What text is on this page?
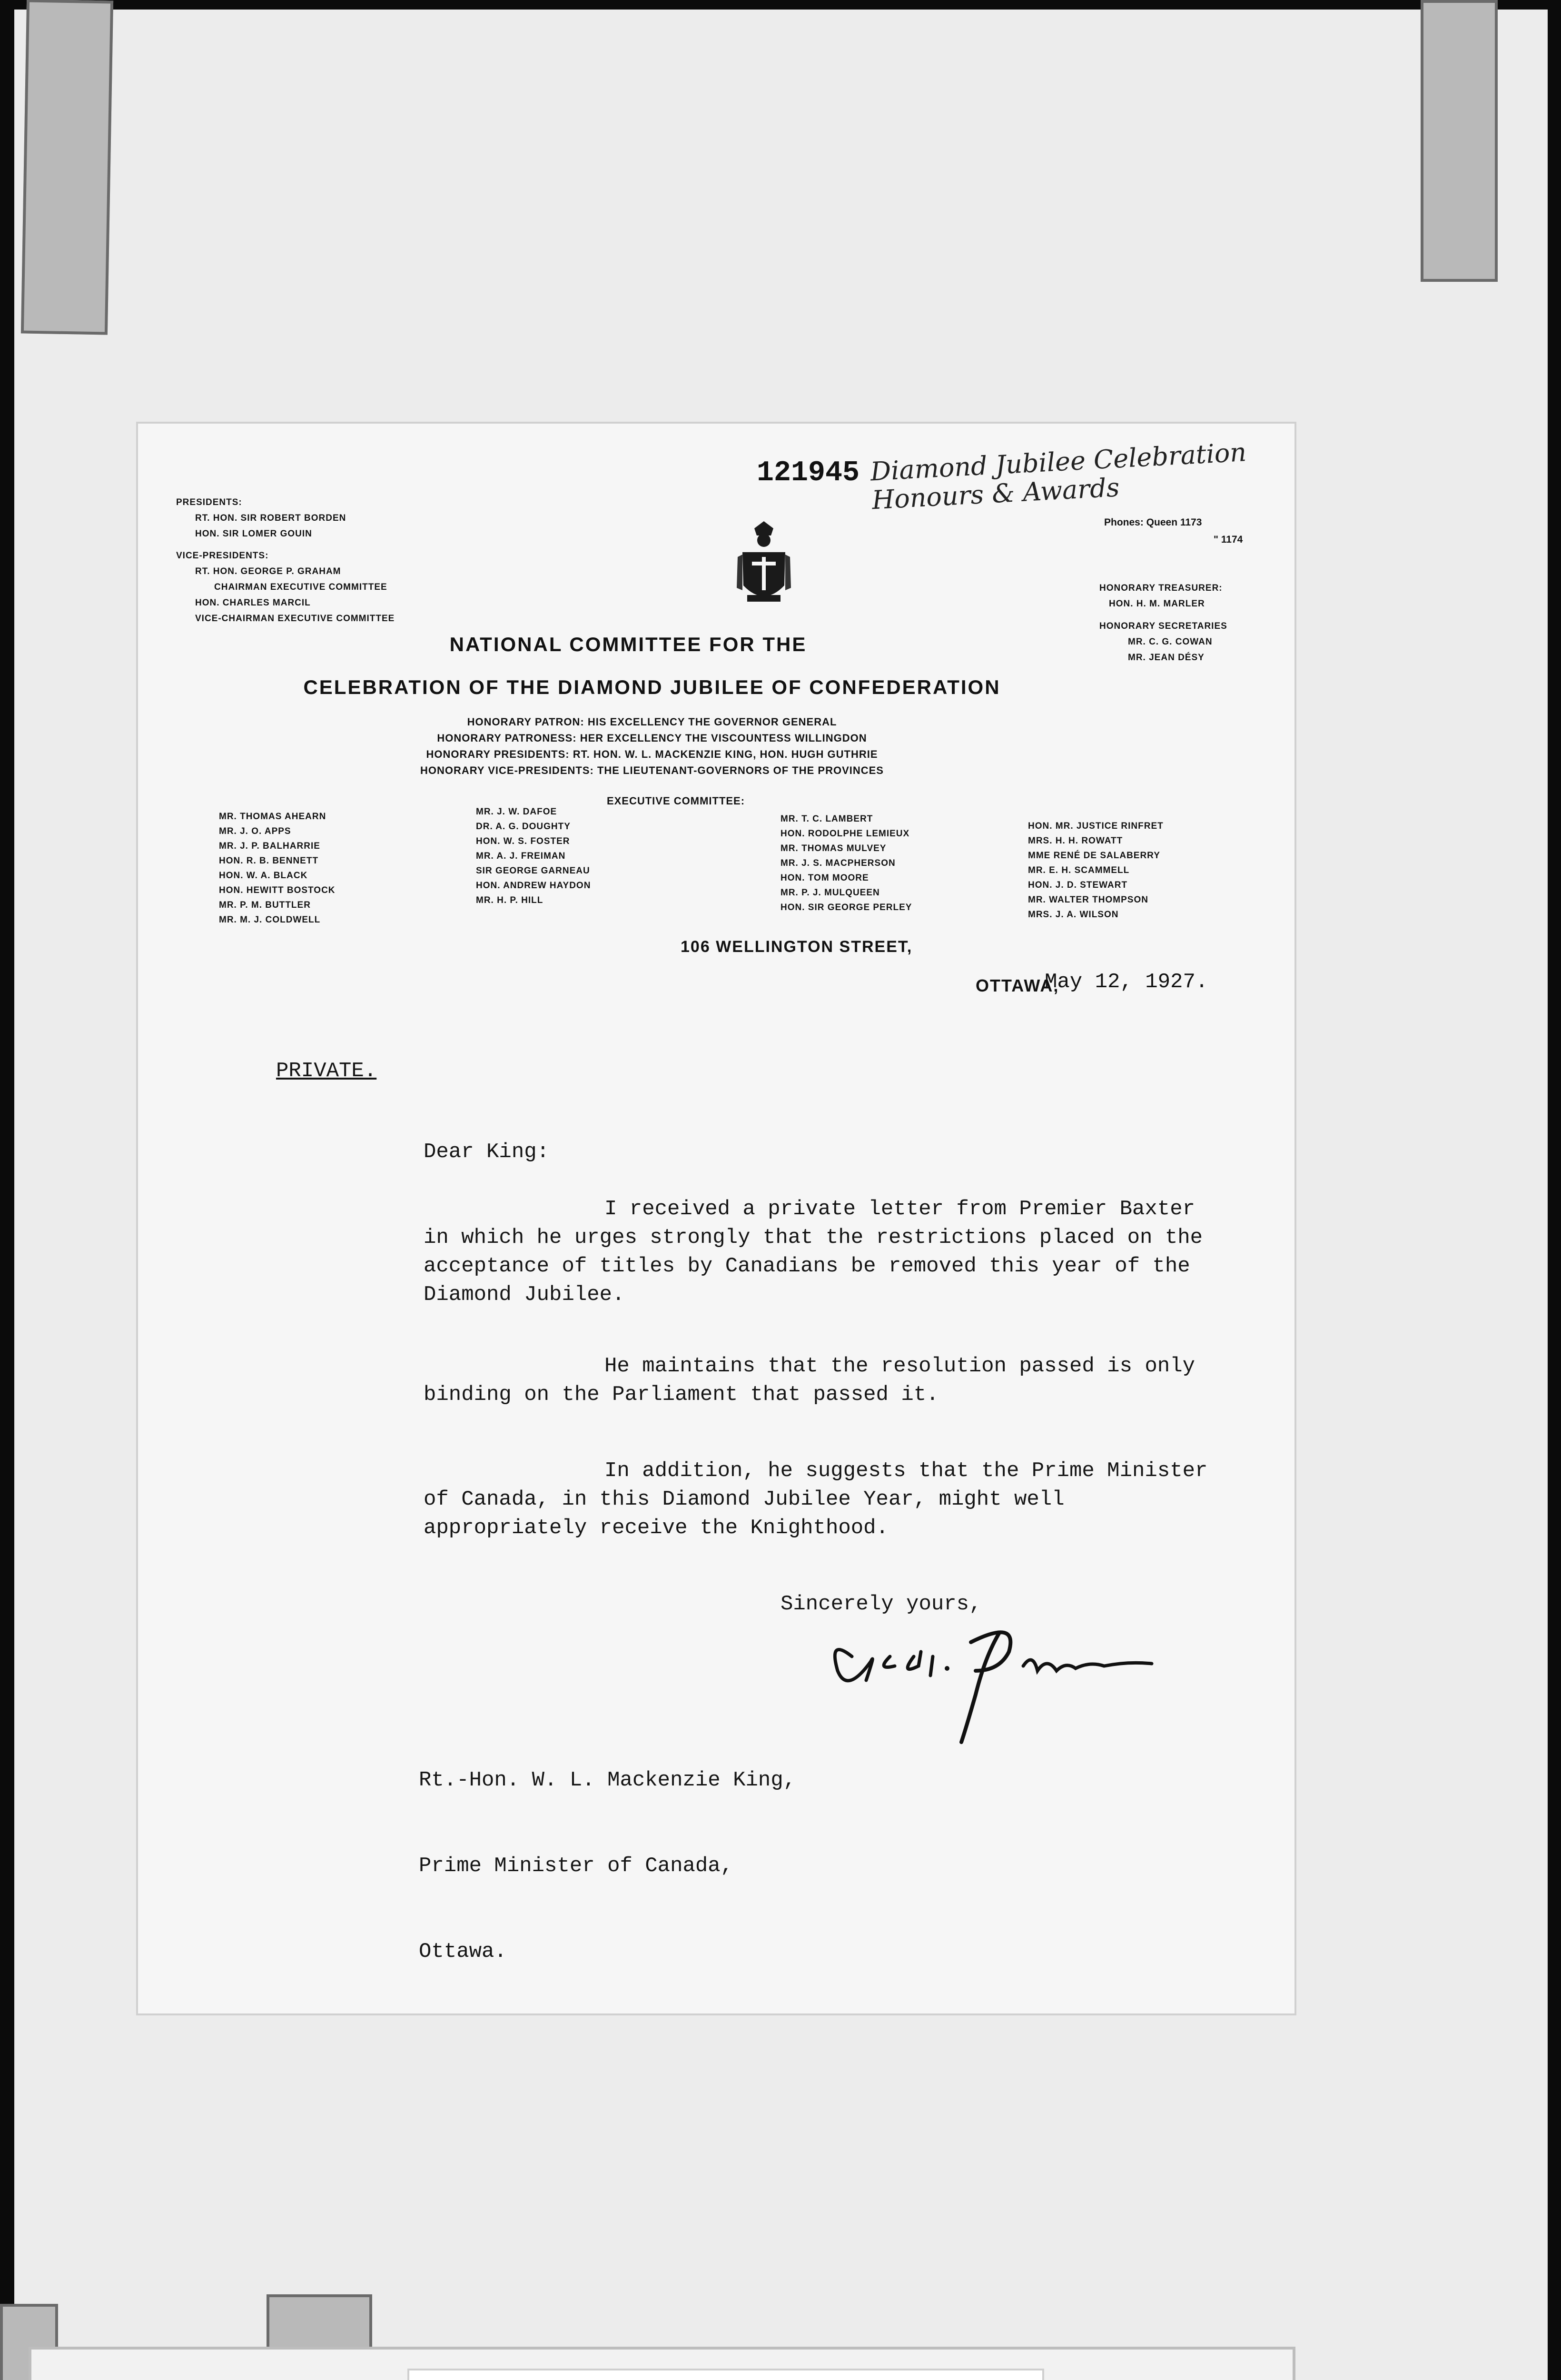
121945 Diamond Jubilee Celebration Honours & Awards
Phones: Queen 1173
" 1174

PRESIDENTS:

RT. HON. SIR ROBERT BORDEN

HON. SIR LOMER GOUIN

VICE-PRESIDENTS:

RT. HON. GEORGE P. GRAHAM

CHAIRMAN EXECUTIVE COMMITTEE

HON. CHARLES MARCIL

VICE-CHAIRMAN EXECUTIVE COMMITTEE

HONORARY TREASURER:

HON. H. M. MARLER

HONORARY SECRETARIES

MR. C. G. COWAN

MR. JEAN DÉSY

NATIONAL COMMITTEE FOR THE
CELEBRATION OF THE DIAMOND JUBILEE OF CONFEDERATION
HONORARY PATRON: HIS EXCELLENCY THE GOVERNOR GENERAL
HONORARY PATRONESS: HER EXCELLENCY THE VISCOUNTESS WILLINGDON
HONORARY PRESIDENTS: RT. HON. W. L. MACKENZIE KING, HON. HUGH GUTHRIE
HONORARY VICE-PRESIDENTS: THE LIEUTENANT-GOVERNORS OF THE PROVINCES
EXECUTIVE COMMITTEE:
MR. THOMAS AHEARN
MR. J. O. APPS
MR. J. P. BALHARRIE
HON. R. B. BENNETT
HON. W. A. BLACK
HON. HEWITT BOSTOCK
MR. P. M. BUTTLER
MR. M. J. COLDWELL
MR. J. W. DAFOE
DR. A. G. DOUGHTY
HON. W. S. FOSTER
MR. A. J. FREIMAN
SIR GEORGE GARNEAU
HON. ANDREW HAYDON
MR. H. P. HILL
MR. T. C. LAMBERT
HON. RODOLPHE LEMIEUX
MR. THOMAS MULVEY
MR. J. S. MACPHERSON
HON. TOM MOORE
MR. P. J. MULQUEEN
HON. SIR GEORGE PERLEY
HON. MR. JUSTICE RINFRET
MRS. H. H. ROWATT
MME RENÉ DE SALABERRY
MR. E. H. SCAMMELL
HON. J. D. STEWART
MR. WALTER THOMPSON
MRS. J. A. WILSON
106 WELLINGTON STREET,
OTTAWA,
May 12, 1927.

PRIVATE.

Dear King:

I received a private letter from Premier Baxter in which he urges strongly that the restrictions placed on the acceptance of titles by Canadians be removed this year of the Diamond Jubilee.

He maintains that the resolution passed is only binding on the Parliament that passed it.

In addition, he suggests that the Prime Minister of Canada, in this Diamond Jubilee Year, might well appropriately receive the Knighthood.

Sincerely yours,

Rt.-Hon. W. L. Mackenzie King,

Prime Minister of Canada,

Ottawa.
